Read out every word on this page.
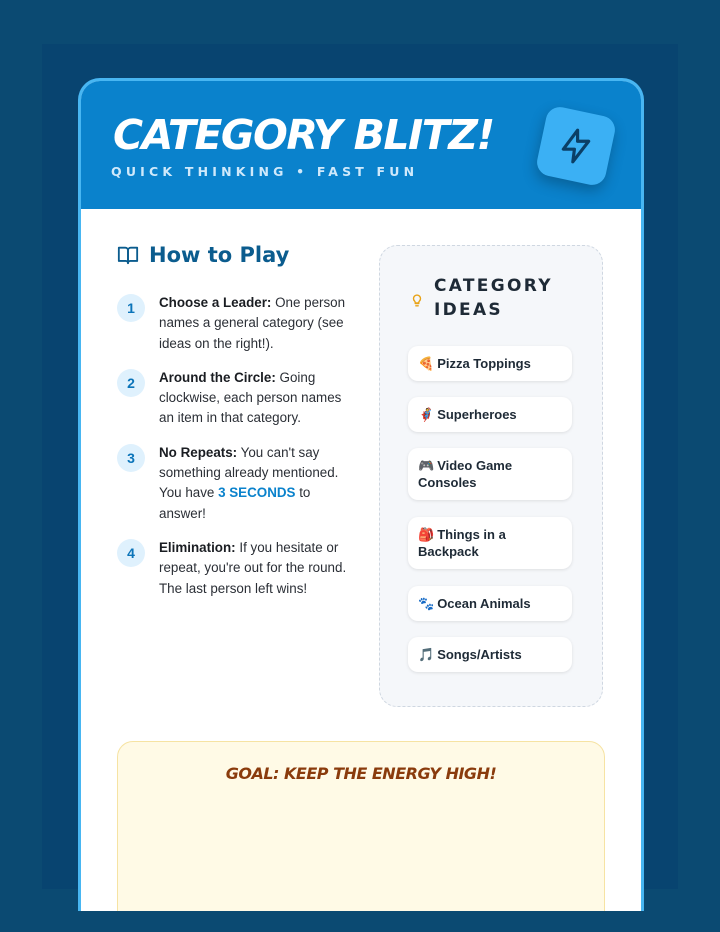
CATEGORY BLITZ!
QUICK THINKING • FAST FUN
How to Play
1	Choose a Leader: One person names a general category (see ideas on the right!).
2	Around the Circle: Going clockwise, each person names an item in that category.
3	No Repeats: You can't say something already mentioned. You have 3 SECONDS to answer!
4	Elimination: If you hesitate or repeat, you're out for the round. The last person left wins!
CATEGORY IDEAS
🍕 Pizza Toppings
🦸 Superheroes
🎮 Video Game Consoles
🎒 Things in a Backpack
🐾 Ocean Animals
🎵 Songs/Artists
GOAL: KEEP THE ENERGY HIGH!
